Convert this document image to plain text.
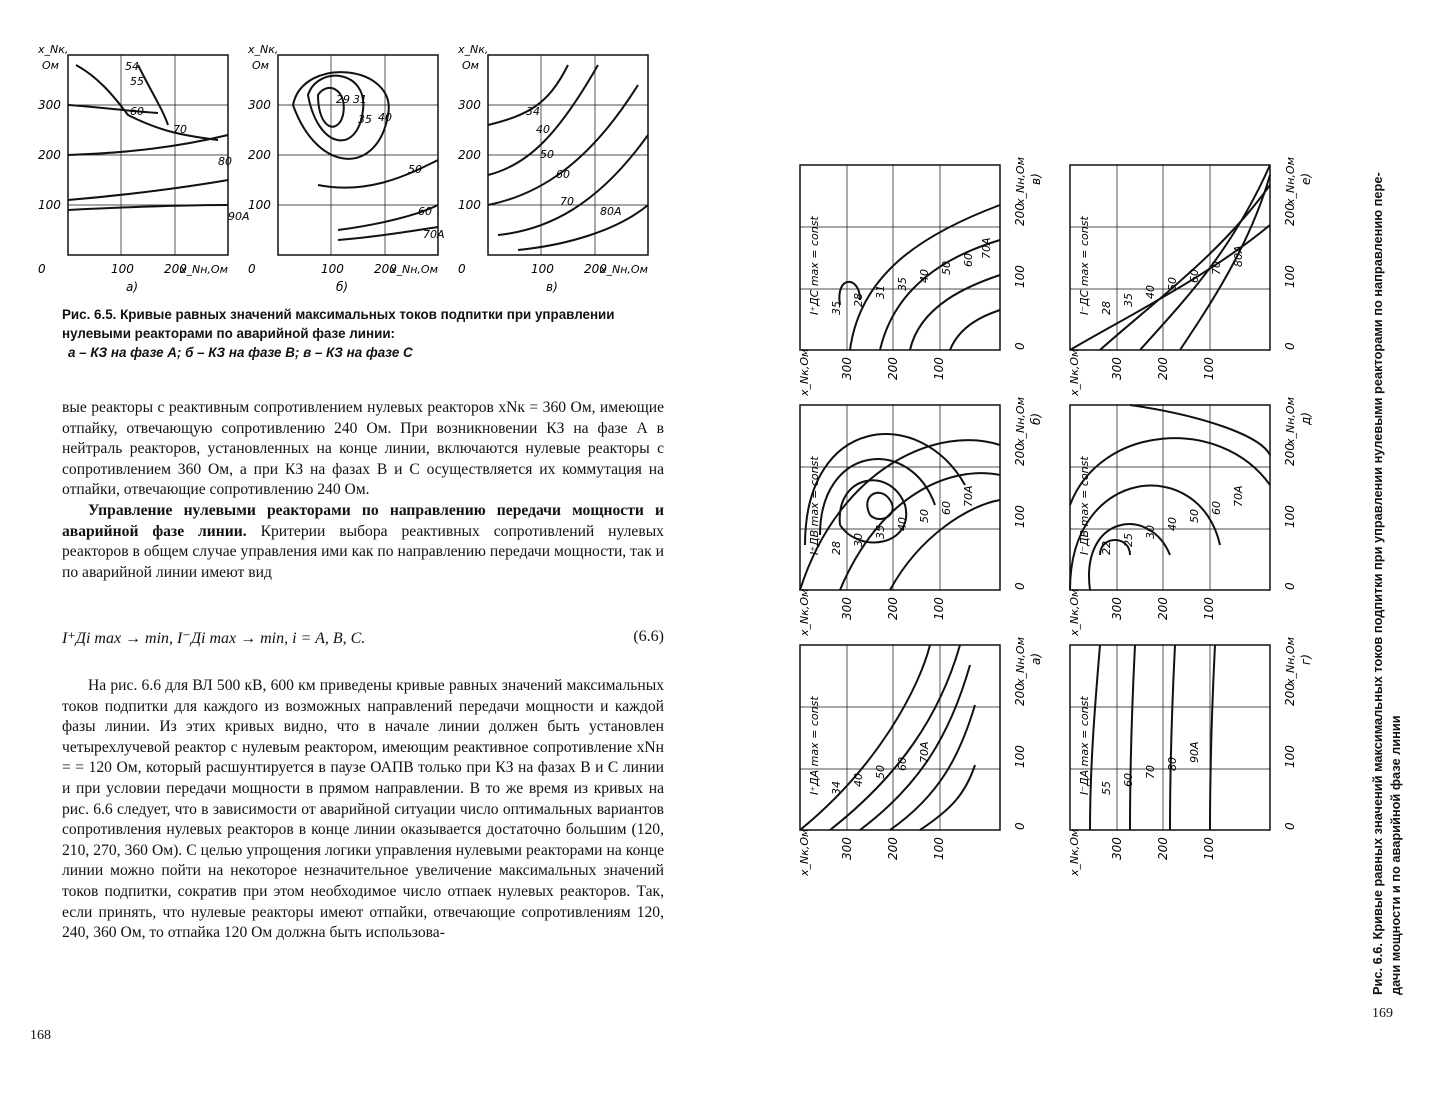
54
55
60
70
80
90А
300
200
100
x_Nк,
Ом
0	100	200
x_Nн,Ом
а)
29 31
35 40
50
60
70А
300
200
100
x_Nк,
Ом
0	100	200
x_Nн,Ом
б)
34
40
50
60
70
80А
300
200
100
x_Nк,
Ом
0	100	200
x_Nн,Ом
в)
Рис. 6.5. Кривые равных значений максимальных токов подпитки при управлении
нулевыми реакторами по аварийной фазе линии:
а – КЗ на фазе А; б – КЗ на фазе В; в – КЗ на фазе С

вые реакторы с реактивным сопротивлением нулевых реакторов xNк = 360 Ом, имеющие отпайку, отвечающую сопротивлению 240 Ом. При возникновении КЗ на фазе А в нейтраль реакторов, установленных на конце линии, включаются нулевые реакторы с сопротивлением 360 Ом, а при КЗ на фазах В и С осуществляется их коммутация на отпайки, отвечающие сопротивлению 240 Ом.

Управление нулевыми реакторами по направлению передачи мощности и аварийной фазе линии. Критерии выбора реактивных сопротивлений нулевых реакторов в общем случае управления ими как по направлению передачи мощности, так и по аварийной линии имеют вид

I⁺Дi max → min, I⁻Дi max → min, i = A, B, C.	(6.6)

На рис. 6.6 для ВЛ 500 кВ, 600 км приведены кривые равных значений максимальных токов подпитки для каждого из возможных направлений передачи мощности и каждой фазы линии. Из этих кривых видно, что в начале линии должен быть установлен четырехлучевой реактор с нулевым реактором, имеющим реактивное сопротивление xNн = = 120 Ом, который расшунтируется в паузе ОАПВ только при КЗ на фазах В и С линии и при условии передачи мощности в прямом направлении. В то же время из кривых на рис. 6.6 следует, что в зависимости от аварийной ситуации число оптимальных вариантов сопротивления нулевых реакторов в конце линии оказывается достаточно большим (120, 210, 270, 360 Ом). С целью упрощения логики управления нулевыми реакторами на конце линии можно пойти на некоторое незначительное увеличение максимальных значений токов подпитки, сократив при этом необходимое число отпаек нулевых реакторов. Так, если принять, что нулевые реакторы имеют отпайки, отвечающие сопротивлениям 120, 240, 360 Ом, то отпайка 120 Ом должна быть использова-

168
34
40
50
60
70А
I⁺ДA max = const
300	200	100
x_Nк,Ом
0
100
200
x_Nн,Ом а)
28
30
35
40
50
60
70А
I⁺ДB max = const
300	200	100
x_Nк,Ом
0
100
200
x_Nн,Ом б)
35
28
31
35
40
50
60
70А
I⁺ДC max = const
300	200	100
x_Nк,Ом
0
100
200
x_Nн,Ом в)
55
60
70
80
90А
I⁻ДA max = const
300	200	100
x_Nк,Ом
0
100
200
x_Nн,Ом г)
22
25
30
40
50
60
70А
I⁻ДB max = const
300	200	100
x_Nк,Ом
0
100
200
x_Nн,Ом д)
28
35
40
50
60
70
80А
I⁻ДC max = const
300	200	100
x_Nк,Ом
0
100
200
x_Nн,Ом е)	Рис. 6.6. Кривые равных значений максимальных токов подпитки при управлении нулевыми реакторами по направлению пере- дачи мощности и по аварийной фазе линии
169
